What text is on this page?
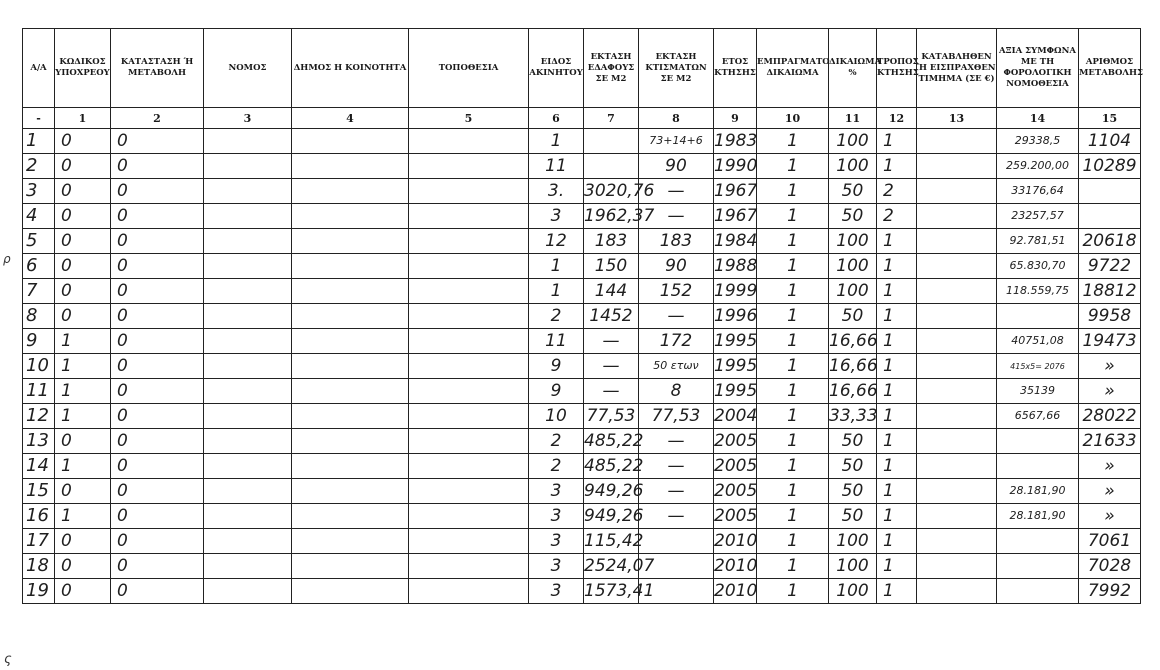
Α/Α	ΚΩΔΙΚΟΣ ΥΠΟΧΡΕΟΥ	ΚΑΤΑΣΤΑΣΗ Ή ΜΕΤΑΒΟΛΗ	ΝΟΜΟΣ	ΔΗΜΟΣ Η ΚΟΙΝΟΤΗΤΑ	ΤΟΠΟΘΕΣΙΑ	ΕΙΔΟΣ ΑΚΙΝΗΤΟΥ	ΕΚΤΑΣΗ ΕΔΑΦΟΥΣ ΣΕ Μ2	ΕΚΤΑΣΗ ΚΤΙΣΜΑΤΩΝ ΣΕ Μ2	ΕΤΟΣ ΚΤΗΣΗΣ	ΕΜΠΡΑΓΜΑΤΟ ΔΙΚΑΙΩΜΑ	ΔΙΚΑΙΩΜΑ %	ΤΡΟΠΟΣ ΚΤΗΣΗΣ	ΚΑΤΑΒΛΗΘΕΝ Ή ΕΙΣΠΡΑΧΘΕΝ ΤΙΜΗΜΑ (ΣΕ €)	ΑΞΙΑ ΣΥΜΦΩΝΑ ΜΕ ΤΗ ΦΟΡΟΛΟΓΙΚΗ ΝΟΜΟΘΕΣΙΑ	ΑΡΙΘΜΟΣ ΜΕΤΑΒΟΛΗΣ
-	1	2	3	4	5	6	7	8	9	10	11	12	13	14	15
1	0	0				1		73+14+6	1983	1	100	1		29338,5	1104
2	0	0				11		90	1990	1	100	1		259.200,00	10289
3	0	0				3.	3020,76	—	1967	1	50	2		33176,64	
4	0	0				3	1962,37	—	1967	1	50	2		23257,57	
5	0	0				12	183	183	1984	1	100	1		92.781,51	20618
6	0	0				1	150	90	1988	1	100	1		65.830,70	9722
7	0	0				1	144	152	1999	1	100	1		118.559,75	18812
8	0	0				2	1452	—	1996	1	50	1			9958
9	1	0				11	—	172	1995	1	16,66	1		40751,08	19473
10	1	0				9	—	50 ετων	1995	1	16,66	1		415x5= 2076	»
11	1	0				9	—	8	1995	1	16,66	1		35139	»
12	1	0				10	77,53	77,53	2004	1	33,33	1		6567,66	28022
13	0	0				2	485,22	—	2005	1	50	1			21633
14	1	0				2	485,22	—	2005	1	50	1			»
15	0	0				3	949,26	—	2005	1	50	1		28.181,90	»
16	1	0				3	949,26	—	2005	1	50	1		28.181,90	»
17	0	0				3	115,42		2010	1	100	1			7061
18	0	0				3	2524,07		2010	1	100	1			7028
19	0	0				3	1573,41		2010	1	100	1			7992
ρ
ς
